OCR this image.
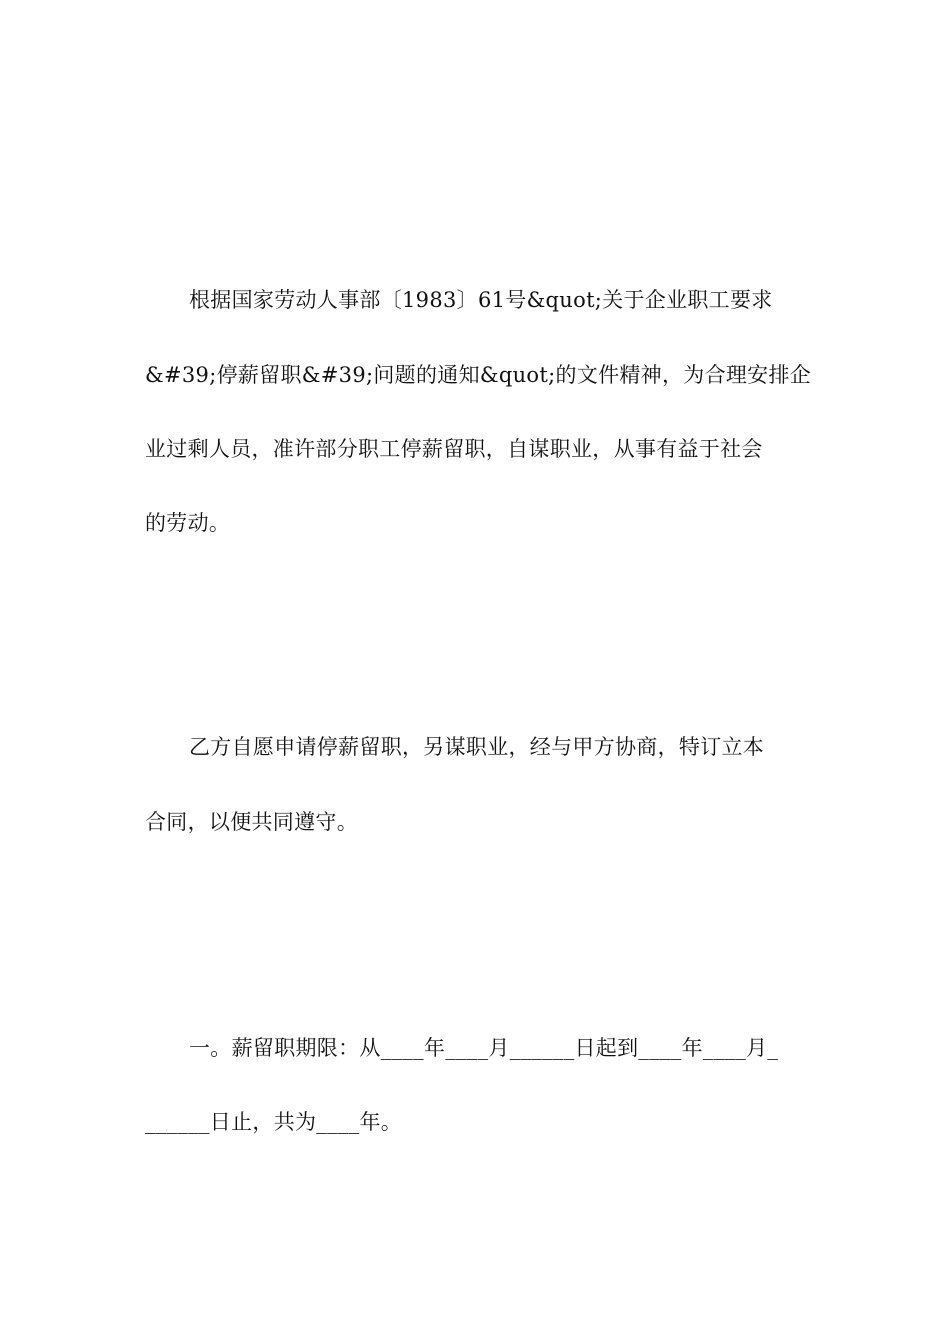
根据国家劳动人事部〔1983〕61号&quot;关于企业职工要求
&#39;停薪留职&#39;问题的通知&quot;的文件精神，为合理安排企
业过剩人员，准许部分职工停薪留职，自谋职业，从事有益于社会
的劳动。
乙方自愿申请停薪留职，另谋职业，经与甲方协商，特订立本
合同，以便共同遵守。
一。薪留职期限：从____年____月______日起到____年____月_
______日止，共为____年。
